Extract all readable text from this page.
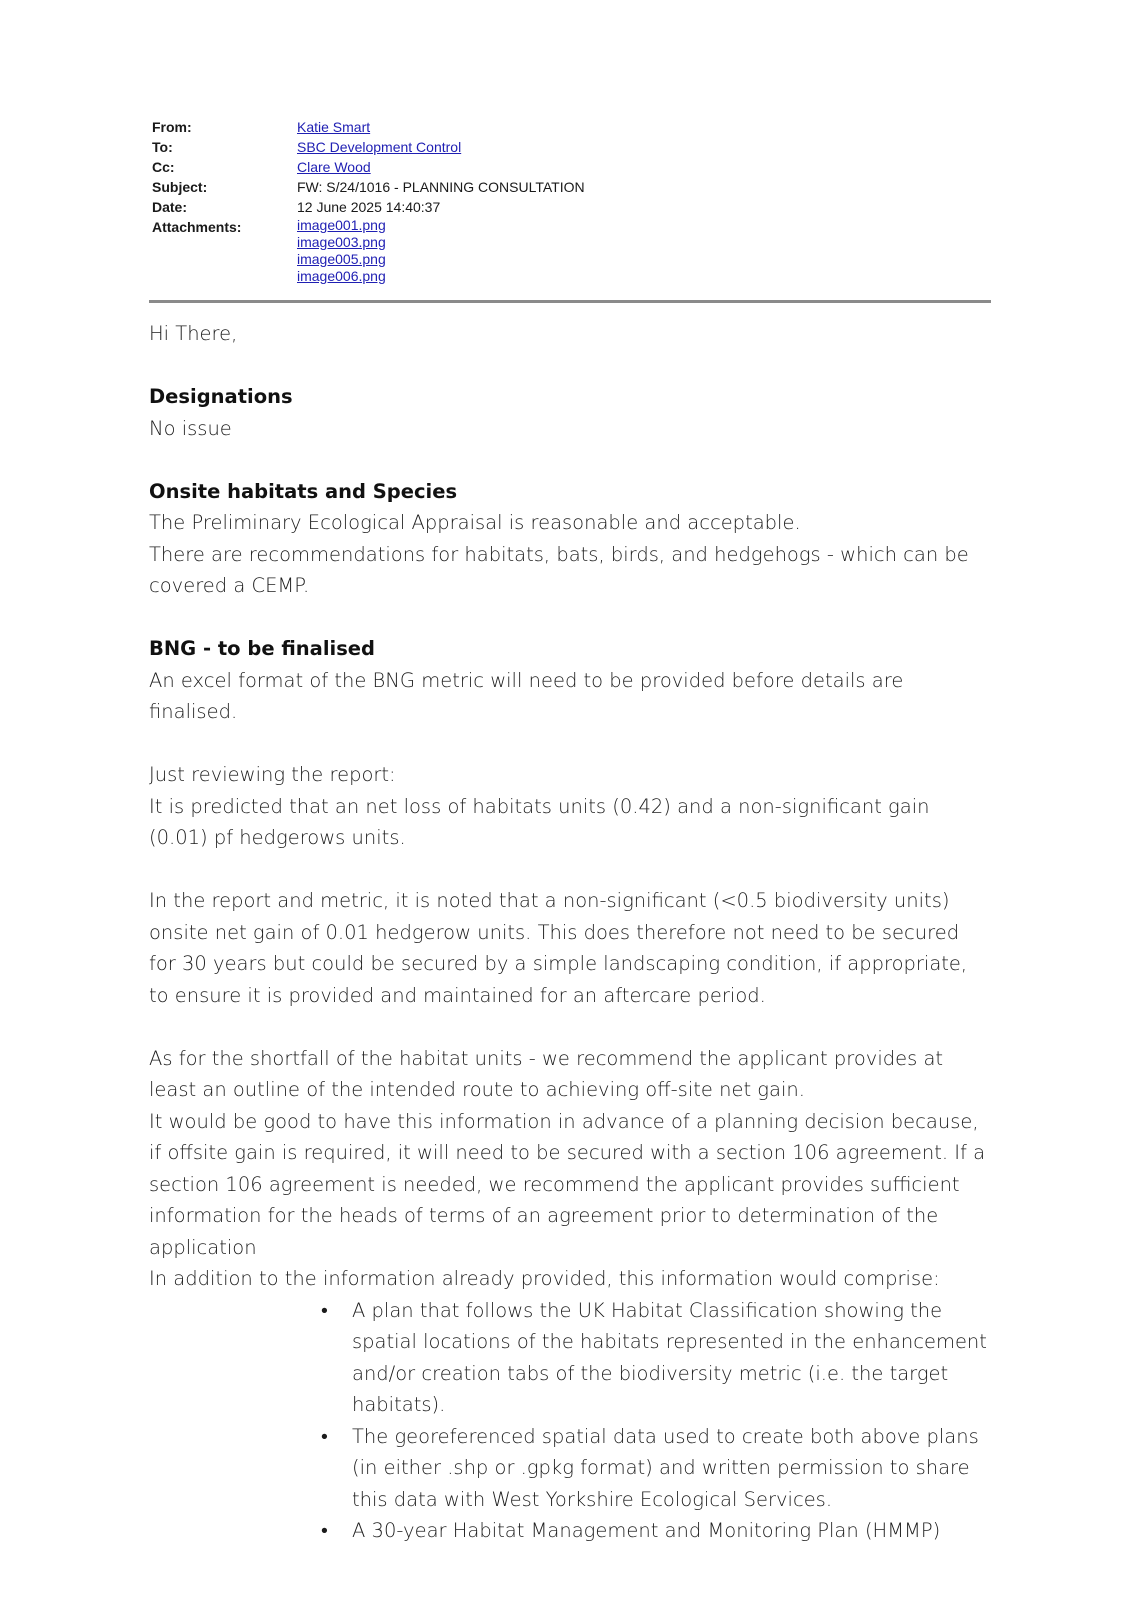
From:	Katie Smart
To:	SBC Development Control
Cc:	Clare Wood
Subject:	FW: S/24/1016 - PLANNING CONSULTATION
Date:	12 June 2025 14:40:37
Attachments:	image001.png
image003.png
image005.png
image006.png

Hi There,

Designations

No issue

Onsite habitats and Species

The Preliminary Ecological Appraisal is reasonable and acceptable.

There are recommendations for habitats, bats, birds, and hedgehogs - which can be covered a CEMP.

BNG - to be finalised

An excel format of the BNG metric will need to be provided before details are finalised.

Just reviewing the report:

It is predicted that an net loss of habitats units (0.42) and a non-significant gain (0.01) pf hedgerows units.

In the report and metric, it is noted that a non-significant (<0.5 biodiversity units) onsite net gain of 0.01 hedgerow units. This does therefore not need to be secured for 30 years but could be secured by a simple landscaping condition, if appropriate, to ensure it is provided and maintained for an aftercare period.

As for the shortfall of the habitat units - we recommend the applicant provides at least an outline of the intended route to achieving off-site net gain.

It would be good to have this information in advance of a planning decision because, if offsite gain is required, it will need to be secured with a section 106 agreement. If a section 106 agreement is needed, we recommend the applicant provides sufficient information for the heads of terms of an agreement prior to determination of the application

In addition to the information already provided, this information would comprise:

• A plan that follows the UK Habitat Classification showing the spatial locations of the habitats represented in the enhancement and/or creation tabs of the biodiversity metric (i.e. the target habitats).
• The georeferenced spatial data used to create both above plans (in either .shp or .gpkg format) and written permission to share this data with West Yorkshire Ecological Services.
• A 30-year Habitat Management and Monitoring Plan (HMMP)
